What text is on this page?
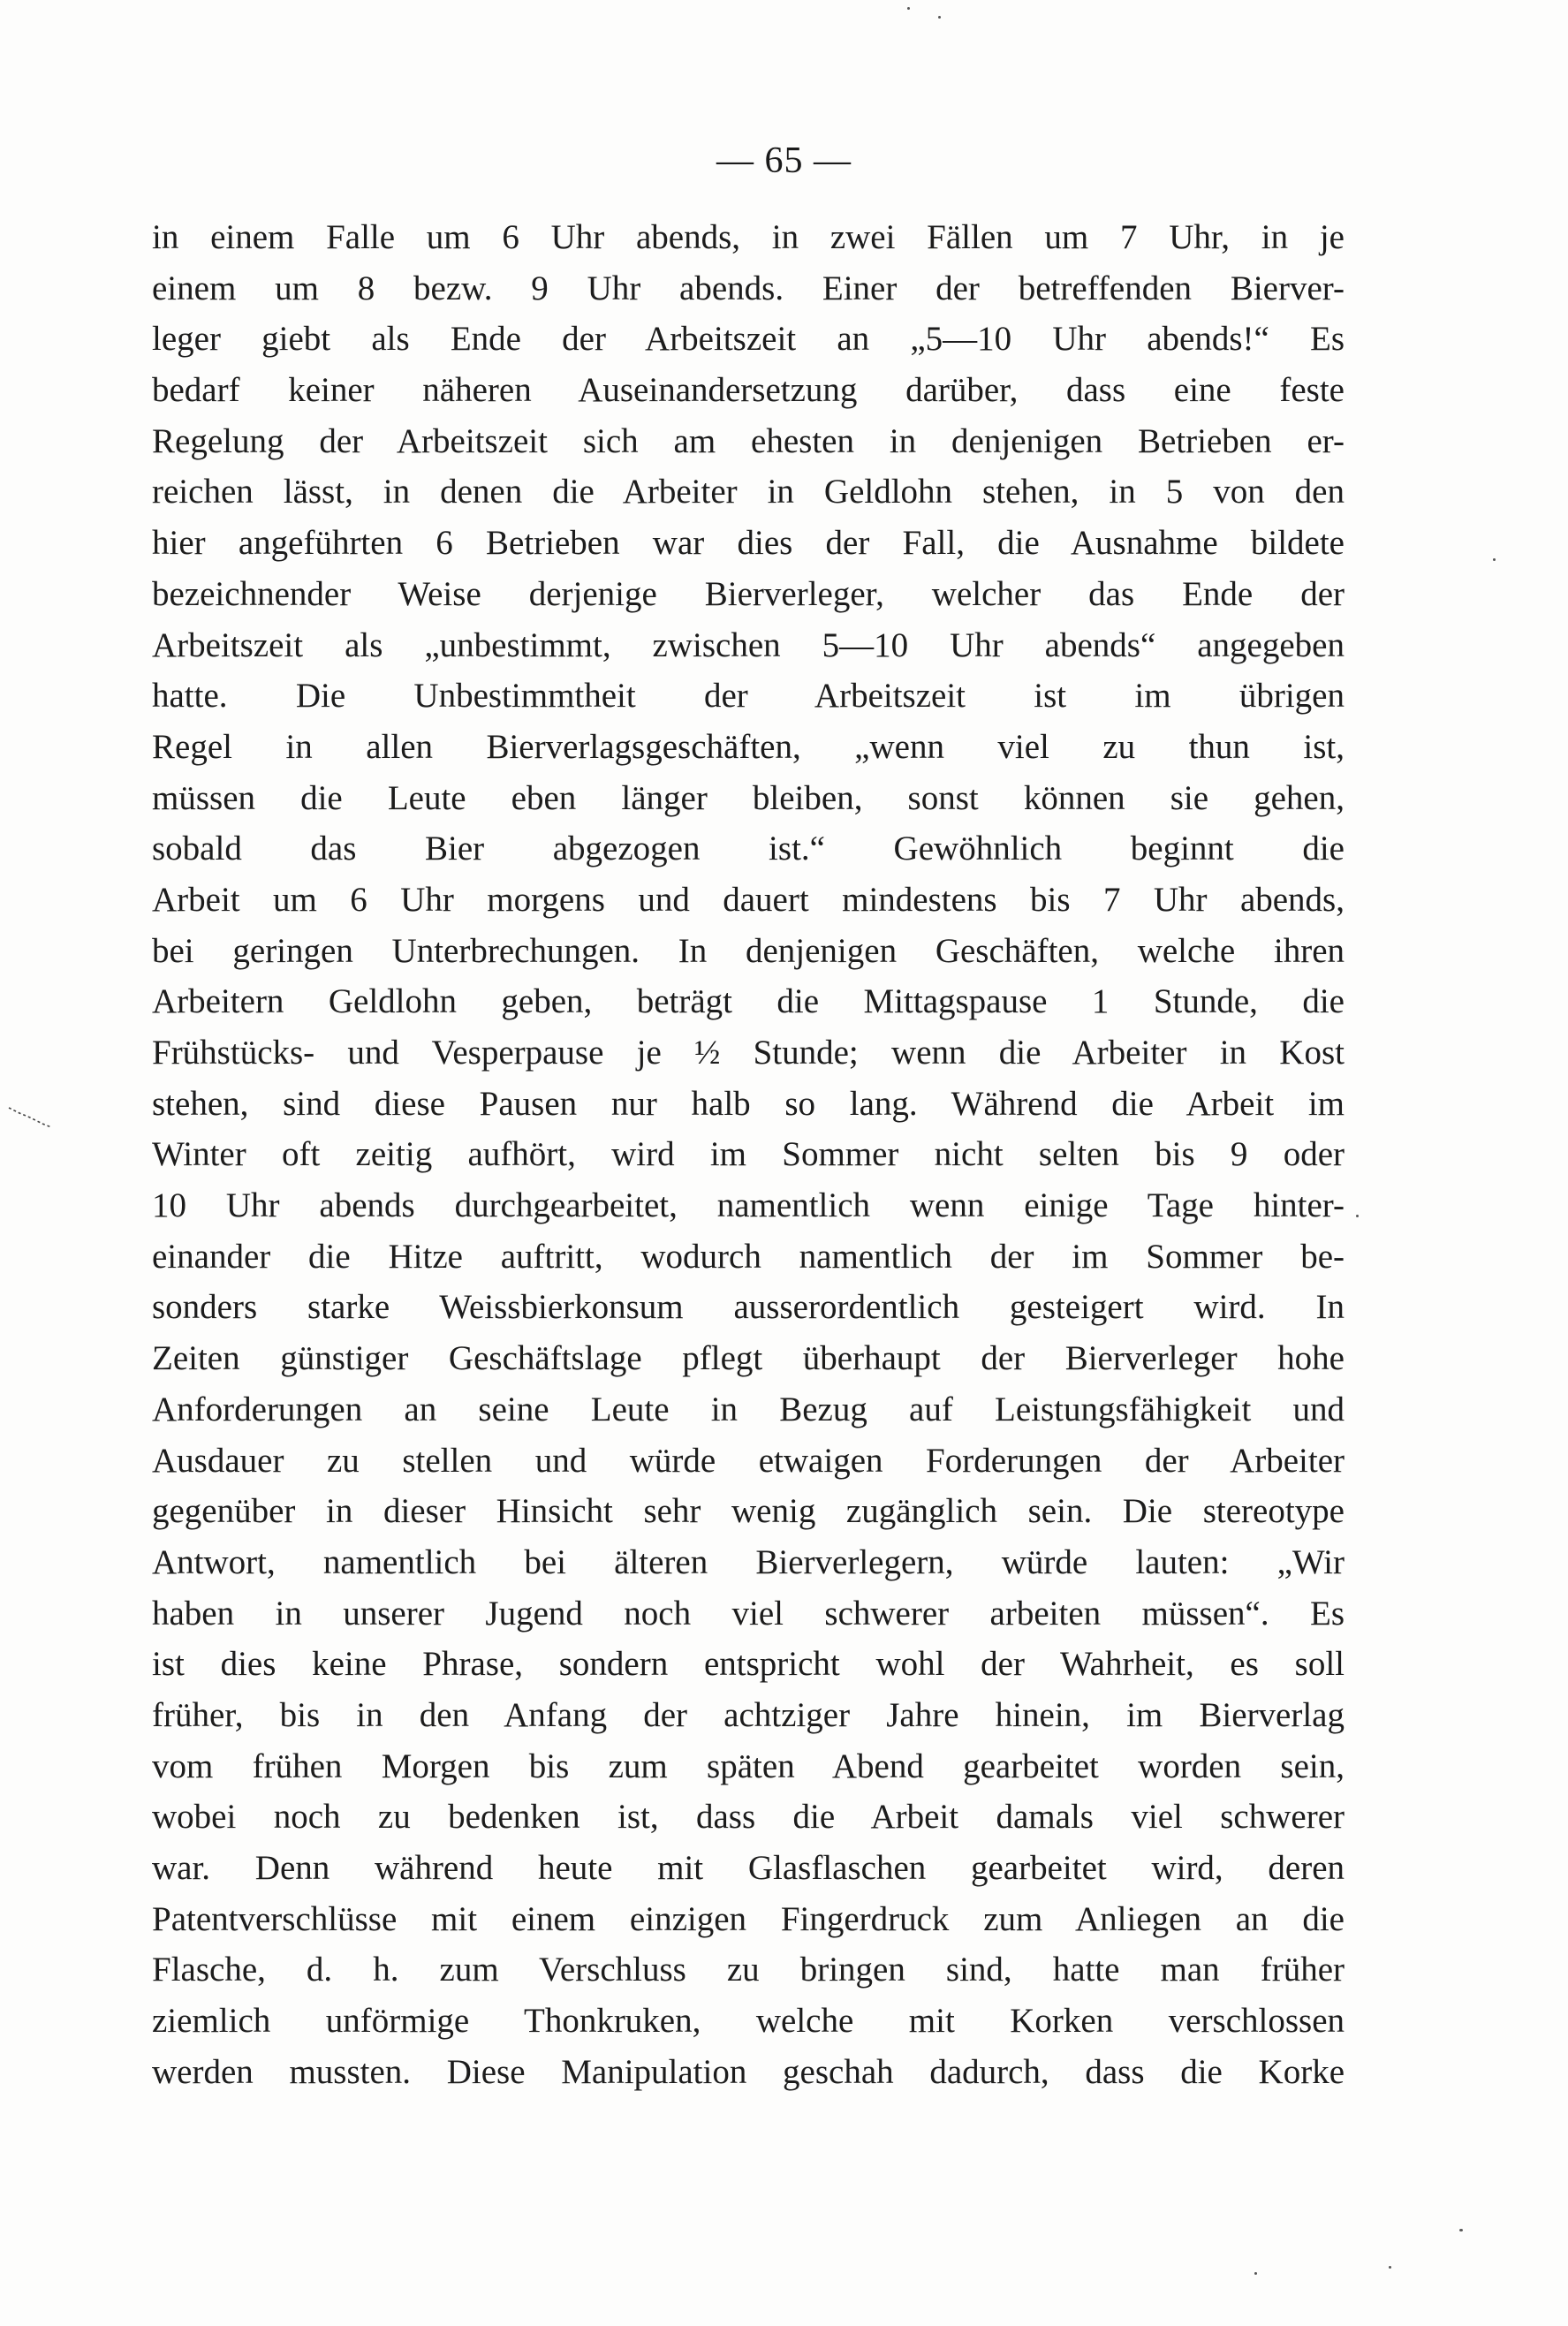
— 65 —
in einem Falle um 6 Uhr abends, in zwei Fällen um 7 Uhr, in je
einem um 8 bezw. 9 Uhr abends. Einer der betreffenden Bierver-
leger giebt als Ende der Arbeitszeit an „5—10 Uhr abends!“ Es
bedarf keiner näheren Auseinandersetzung darüber, dass eine feste
Regelung der Arbeitszeit sich am ehesten in denjenigen Betrieben er-
reichen lässt, in denen die Arbeiter in Geldlohn stehen, in 5 von den
hier angeführten 6 Betrieben war dies der Fall, die Ausnahme bildete
bezeichnender Weise derjenige Bierverleger, welcher das Ende der
Arbeitszeit als „unbestimmt, zwischen 5—10 Uhr abends“ angegeben
hatte. Die Unbestimmtheit der Arbeitszeit ist im übrigen
Regel in allen Bierverlagsgeschäften, „wenn viel zu thun ist,
müssen die Leute eben länger bleiben, sonst können sie gehen,
sobald das Bier abgezogen ist.“ Gewöhnlich beginnt die
Arbeit um 6 Uhr morgens und dauert mindestens bis 7 Uhr abends,
bei geringen Unterbrechungen. In denjenigen Geschäften, welche ihren
Arbeitern Geldlohn geben, beträgt die Mittagspause 1 Stunde, die
Frühstücks- und Vesperpause je ½ Stunde; wenn die Arbeiter in Kost
stehen, sind diese Pausen nur halb so lang. Während die Arbeit im
Winter oft zeitig aufhört, wird im Sommer nicht selten bis 9 oder
10 Uhr abends durchgearbeitet, namentlich wenn einige Tage hinter-
einander die Hitze auftritt, wodurch namentlich der im Sommer be-
sonders starke Weissbierkonsum ausserordentlich gesteigert wird. In
Zeiten günstiger Geschäftslage pflegt überhaupt der Bierverleger hohe
Anforderungen an seine Leute in Bezug auf Leistungsfähigkeit und
Ausdauer zu stellen und würde etwaigen Forderungen der Arbeiter
gegenüber in dieser Hinsicht sehr wenig zugänglich sein. Die stereotype
Antwort, namentlich bei älteren Bierverlegern, würde lauten: „Wir
haben in unserer Jugend noch viel schwerer arbeiten müssen“. Es
ist dies keine Phrase, sondern entspricht wohl der Wahrheit, es soll
früher, bis in den Anfang der achtziger Jahre hinein, im Bierverlag
vom frühen Morgen bis zum späten Abend gearbeitet worden sein,
wobei noch zu bedenken ist, dass die Arbeit damals viel schwerer
war. Denn während heute mit Glasflaschen gearbeitet wird, deren
Patentverschlüsse mit einem einzigen Fingerdruck zum Anliegen an die
Flasche, d. h. zum Verschluss zu bringen sind, hatte man früher
ziemlich unförmige Thonkruken, welche mit Korken verschlossen
werden mussten. Diese Manipulation geschah dadurch, dass die Korke
